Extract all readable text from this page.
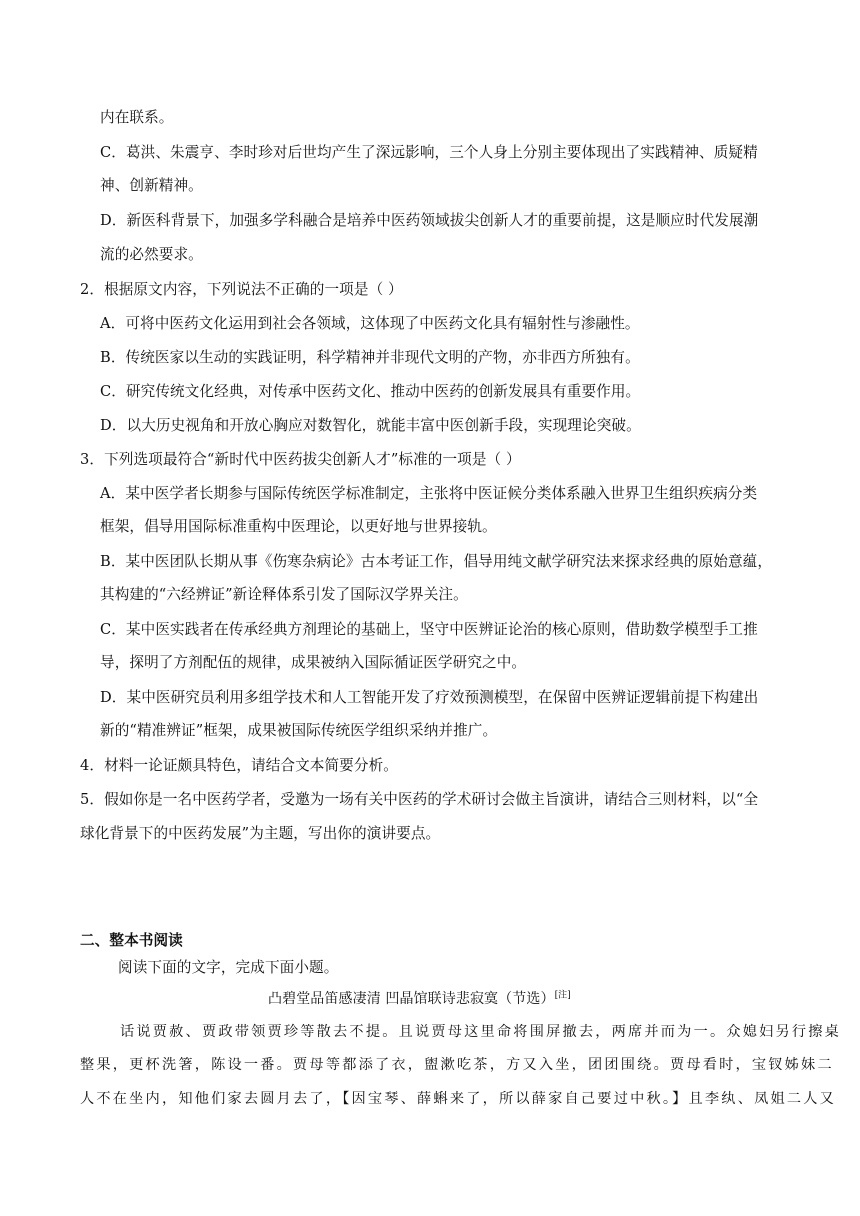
内在联系。
C．葛洪、朱震亨、李时珍对后世均产生了深远影响，三个人身上分别主要体现出了实践精神、质疑精
神、创新精神。
D．新医科背景下，加强多学科融合是培养中医药领域拔尖创新人才的重要前提，这是顺应时代发展潮
流的必然要求。
2．根据原文内容，下列说法不正确的一项是（ ）
A．可将中医药文化运用到社会各领域，这体现了中医药文化具有辐射性与渗融性。
B．传统医家以生动的实践证明，科学精神并非现代文明的产物，亦非西方所独有。
C．研究传统文化经典，对传承中医药文化、推动中医药的创新发展具有重要作用。
D．以大历史视角和开放心胸应对数智化，就能丰富中医创新手段，实现理论突破。
3．下列选项最符合“新时代中医药拔尖创新人才”标准的一项是（ ）
A．某中医学者长期参与国际传统医学标准制定，主张将中医证候分类体系融入世界卫生组织疾病分类
框架，倡导用国际标准重构中医理论，以更好地与世界接轨。
B．某中医团队长期从事《伤寒杂病论》古本考证工作，倡导用纯文献学研究法来探求经典的原始意蕴，
其构建的“六经辨证”新诠释体系引发了国际汉学界关注。
C．某中医实践者在传承经典方剂理论的基础上，坚守中医辨证论治的核心原则，借助数学模型手工推
导，探明了方剂配伍的规律，成果被纳入国际循证医学研究之中。
D．某中医研究员利用多组学技术和人工智能开发了疗效预测模型，在保留中医辨证逻辑前提下构建出
新的“精准辨证”框架，成果被国际传统医学组织采纳并推广。
4．材料一论证颇具特色，请结合文本简要分析。
5．假如你是一名中医药学者，受邀为一场有关中医药的学术研讨会做主旨演讲，请结合三则材料，以“全
球化背景下的中医药发展”为主题，写出你的演讲要点。
二、整本书阅读
阅读下面的文字，完成下面小题。
凸碧堂品笛感凄清 凹晶馆联诗悲寂寞（节选）[注]
话说贾赦、贾政带领贾珍等散去不提。且说贾母这里命将围屏撤去，两席并而为一。众媳妇另行擦桌
整果，更杯洗箸，陈设一番。贾母等都添了衣，盥漱吃茶，方又入坐，团团围绕。贾母看时，宝钗姊妹二
人不在坐内，知他们家去圆月去了，【因宝琴、薛蝌来了，所以薛家自己要过中秋。】且李纨、凤姐二人又
